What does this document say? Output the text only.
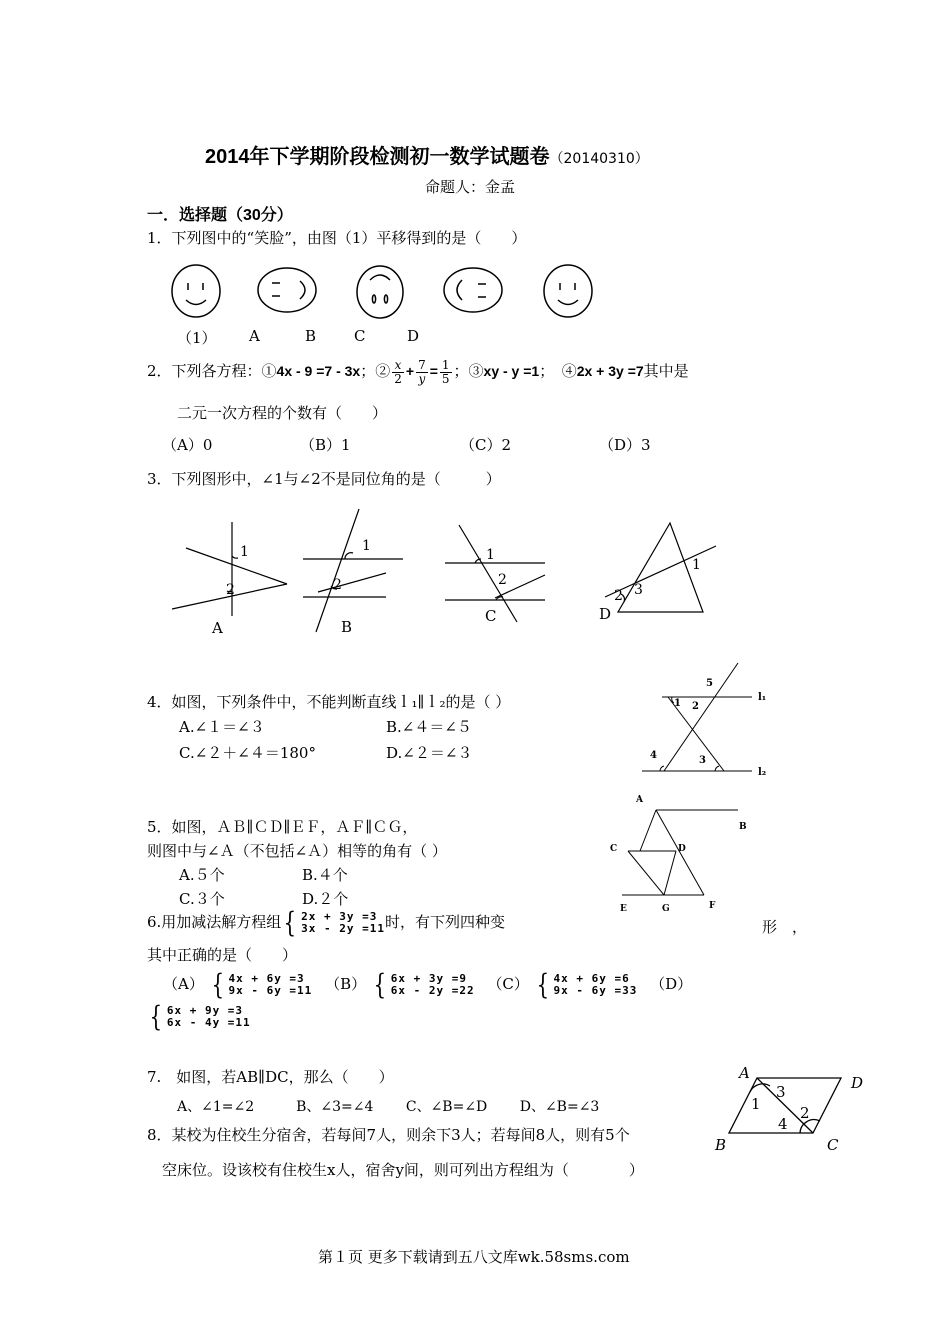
2014年下学期阶段检测初一数学试题卷（20140310）
命题人：金孟
一．选择题（30分）
1．下列图中的“笑脸”，由图（1）平移得到的是（　　）
（1） A	B	C	D
2．下列各方程：①4x - 9 =7 - 3x；② $\frac{x}{2} + \frac{7}{y} = \frac{1}{5}$ ；③xy - y =1；　④2x + 3y =7其中是
二元一次方程的个数有（　　）
（A）0	（B）1	（C）2	（D）3
3．下列图形中，∠1与∠2不是同位角的是（　　　）
1
2
A
1
2
B
1
2
C
1
2 3
D
4．如图，下列条件中，不能判断直线ｌ₁∥ｌ₂的是（ ）
A.∠１＝∠３	B.∠４＝∠５
C.∠２＋∠４＝180°	D.∠２＝∠３
5
1 2
4	3
l₁
l₂
5．如图，ＡＢ∥ＣＤ∥ＥＦ，ＡＦ∥ＣＧ，
则图中与∠Ａ（不包括∠Ａ）相等的角有（ ）
A.５个	B.４个
C.３个	D.２个
A
B
C	D
E	G	F
6.用加减法解方程组 { 2x + 3y =3
3x - 2y =11 时，有下列四种变	形　，
其中正确的是（　　）
（A） { 4x + 6y =3
9x - 6y =11 （B） { 6x + 3y =9
6x - 2y =22 （C） { 4x + 6y =6
9x - 6y =33 （D）
{ 6x + 9y =3
6x - 4y =11
7.　如图，若AB∥DC，那么（　　）
A、∠1=∠2　　　B、∠3=∠4　　 C、∠B=∠D　　 D、∠B=∠3
A
D
B	C
3
1	2
4
8．某校为住校生分宿舍，若每间7人，则余下3人；若每间8人，则有5个
空床位。设该校有住校生x人，宿舍y间，则可列出方程组为（　　　　）
第１页 更多下载请到五八文库wk.58sms.com
